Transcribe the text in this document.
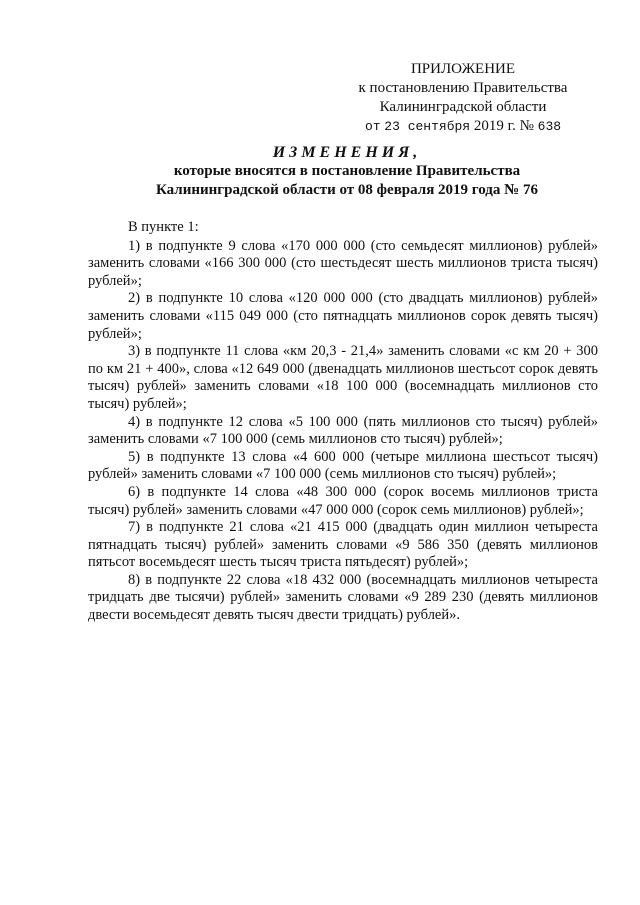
ПРИЛОЖЕНИЕ
к постановлению Правительства
Калининградской области
от 23 сентября 2019 г. № 638
ИЗМЕНЕНИЯ,
которые вносятся в постановление Правительства
Калининградской области от 08 февраля 2019 года № 76

В пункте 1:

1) в подпункте 9 слова «170 000 000 (сто семьдесят миллионов) рублей» заменить словами «166 300 000 (сто шестьдесят шесть миллионов триста тысяч) рублей»;

2) в подпункте 10 слова «120 000 000 (сто двадцать миллионов) рублей» заменить словами «115 049 000 (сто пятнадцать миллионов сорок девять тысяч) рублей»;

3) в подпункте 11 слова «км 20,3 - 21,4» заменить словами «с км 20 + 300 по км 21 + 400», слова «12 649 000 (двенадцать миллионов шестьсот сорок девять тысяч) рублей» заменить словами «18 100 000 (восемнадцать миллионов сто тысяч) рублей»;

4) в подпункте 12 слова «5 100 000 (пять миллионов сто тысяч) рублей» заменить словами «7 100 000 (семь миллионов сто тысяч) рублей»;

5) в подпункте 13 слова «4 600 000 (четыре миллиона шестьсот тысяч) рублей» заменить словами «7 100 000 (семь миллионов сто тысяч) рублей»;

6) в подпункте 14 слова «48 300 000 (сорок восемь миллионов триста тысяч) рублей» заменить словами «47 000 000 (сорок семь миллионов) рублей»;

7) в подпункте 21 слова «21 415 000 (двадцать один миллион четыреста пятнадцать тысяч) рублей» заменить словами «9 586 350 (девять миллионов пятьсот восемьдесят шесть тысяч триста пятьдесят) рублей»;

8) в подпункте 22 слова «18 432 000 (восемнадцать миллионов четыреста тридцать две тысячи) рублей» заменить словами «9 289 230 (девять миллионов двести восемьдесят девять тысяч двести тридцать) рублей».
